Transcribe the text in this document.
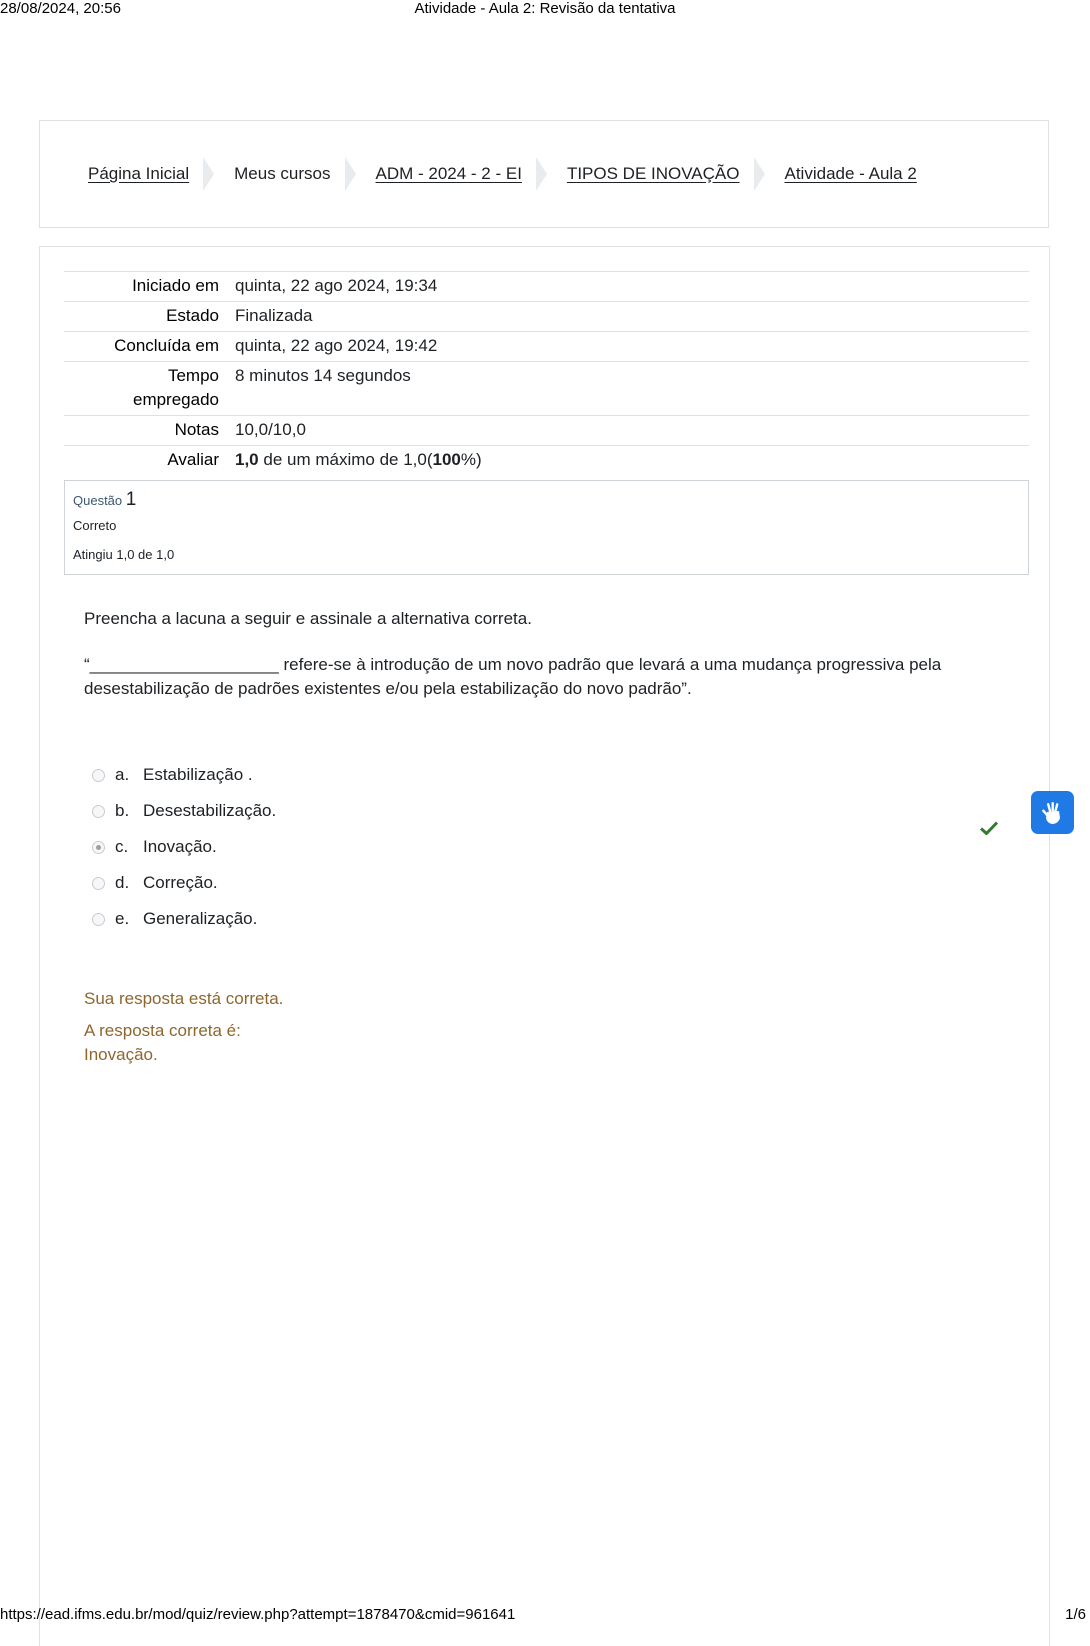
28/08/2024, 20:56	Atividade - Aula 2: Revisão da tentativa
Página Inicial	Meus cursos	ADM - 2024 - 2 - EI	TIPOS DE INOVAÇÃO	Atividade - Aula 2
Iniciado em	quinta, 22 ago 2024, 19:34
Estado	Finalizada
Concluída em	quinta, 22 ago 2024, 19:42
Tempo
empregado	8 minutos 14 segundos
Notas	10,0/10,0
Avaliar	1,0 de um máximo de 1,0(100%)
Questão 1
Correto
Atingiu 1,0 de 1,0

Preencha a lacuna a seguir e assinale a alternativa correta.

“____________________ refere-se à introdução de um novo padrão que levará a uma mudança progressiva pela desestabilização de padrões existentes e/ou pela estabilização do novo padrão”.

a. Estabilização .
b. Desestabilização.
c. Inovação.
d. Correção.
e. Generalização.

Sua resposta está correta.

A resposta correta é:
Inovação.
https://ead.ifms.edu.br/mod/quiz/review.php?attempt=1878470&cmid=961641	1/6
